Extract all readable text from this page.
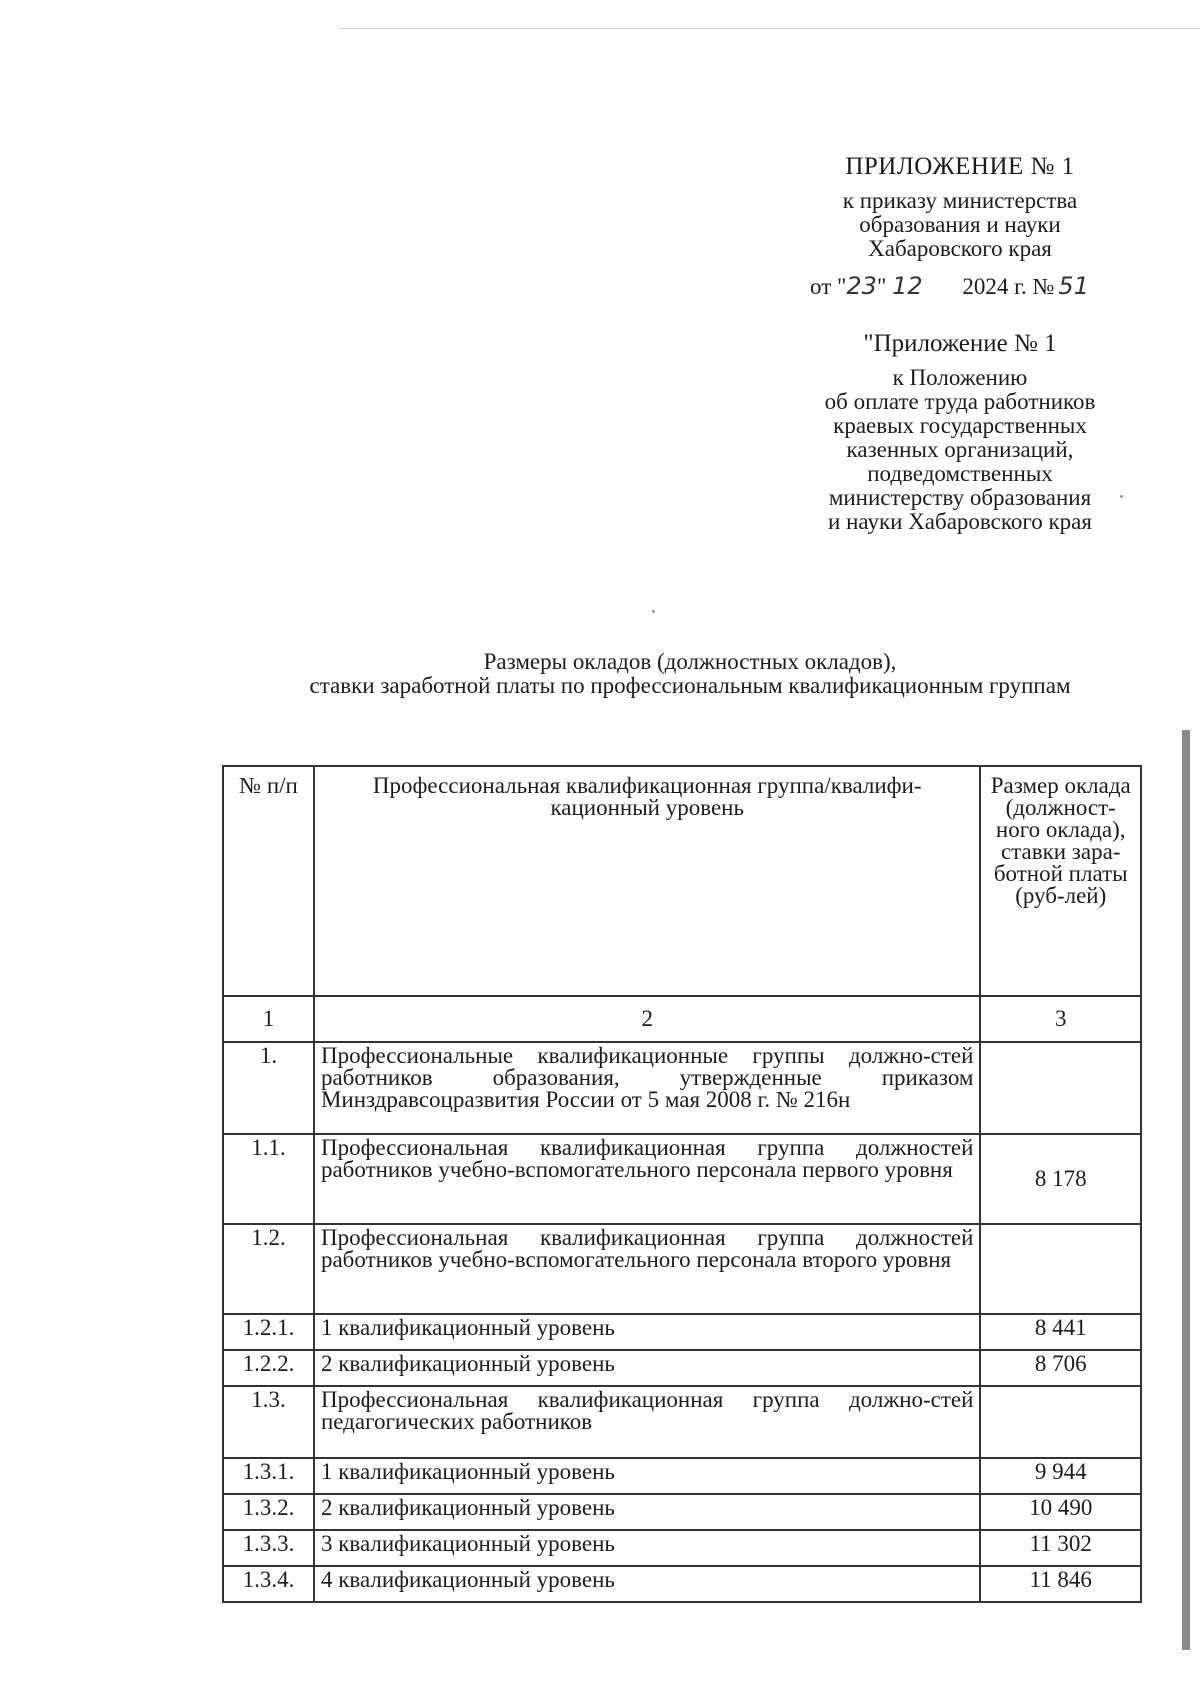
ПРИЛОЖЕНИЕ № 1
к приказу министерства
образования и науки
Хабаровского края
от "23" 12 2024 г. № 51
"Приложение № 1
к Положению
об оплате труда работников
краевых государственных
казенных организаций,
подведомственных
министерству образования
и науки Хабаровского края
Размеры окладов (должностных окладов),
ставки заработной платы по профессиональным квалификационным группам
№ п/п	Профессиональная квалификационная группа/квалифи-кационный уровень	Размер оклада (должност-ного оклада), ставки зара-ботной платы (руб-лей)
1	2	3
1.	Профессиональные квалификационные группы должно-стей работников образования, утвержденные приказом Минздравсоцразвития России от 5 мая 2008 г. № 216н	
1.1.	Профессиональная квалификационная группа должностей работников учебно-вспомогательного персонала первого уровня	8 178
1.2.	Профессиональная квалификационная группа должностей работников учебно-вспомогательного персонала второго уровня	
1.2.1.	1 квалификационный уровень	8 441
1.2.2.	2 квалификационный уровень	8 706
1.3.	Профессиональная квалификационная группа должно-стей педагогических работников	
1.3.1.	1 квалификационный уровень	9 944
1.3.2.	2 квалификационный уровень	10 490
1.3.3.	3 квалификационный уровень	11 302
1.3.4.	4 квалификационный уровень	11 846
